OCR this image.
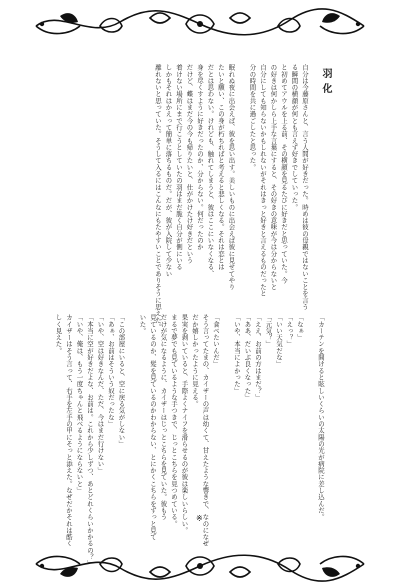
羽化
自分は今藤原さんと、言う人間が好きだった。時めは彼の母親ではないことを言う
る瞬間の横顔が何とも言えず好きでしていった。
と初めてアウルを上る前、その横顔を見るたびに好きだと思っていた。今
の好きは何かしら上手な言葉にすると、その好きの意味が今は分からないと
自分にしても知らないかもしれないがそれはきっと好きと言えるものだったと
分の時間を共に過ごしたと思った。

眠れぬ夜に出会えば、彼を思い出す。美しいものに出会えば彼に見せてやり
たいと願い、この身が朽ちればと考えると悲しくなる。それは恋とは
だとは思わない。けれども、触れてしまうと、彼はここにいなくなる、
身を尽くすように好きだったのか、分からない。何だったのか
だけど、蝶はまだ今の今も帰りたいと、仕がかけたけ好きだという
着けない場所にまで行こうとしていたの羽はまだ脆く自分が側にいる
しかもそれはかえって簡単に落ちるものだ。だが、彼が入院して少ない
離れないと思っていた。そうして入るにはこんなにもたやすいことでありそうに思えた。
「カーテンを開けると眩しいくらいの太陽の光が病院に差し込んだ。

「なぁ」
「えっ？」
「いい天気だな」
「元気？」
「ええ、お前の方はまだ？」
「ああ、だいぶ良くなった」
「いや、本当によかった」

「食べたいんだ」
そう言ってたまの、カイザーの声は幼くて、甘えたような響きで、なのになぜ
だか嬉しかったように見える。
果実を剥いていると、手際よくナイフを滑らせるのが彼は楽しいらしい。
まるで夢でも見ているような手つきで、じっとこちらを見つめている。
だけが気になるように、カイザーはじっとこちらを見ていた。彼もう
見ているのか、髪を見ているのかわからない、とにかくこちらをずっと見て
いた。

「この部屋にいると、空に戻る気がしない」
「あぁ、お前はそういう奴だったな」
「いや、空は好きなんだ、ただ、今はまだ行けない」
「本当に空が好きだよな、お前は。これから少しずつ、あとどれくらいかかるの？」
「いや、俺は、もう一度ちゃんと飛べるようにならないと」
カイザーはそう言って、右手を左手の甲にそっと添えた。なぜだかそれは酷く
しく見えた。
※
